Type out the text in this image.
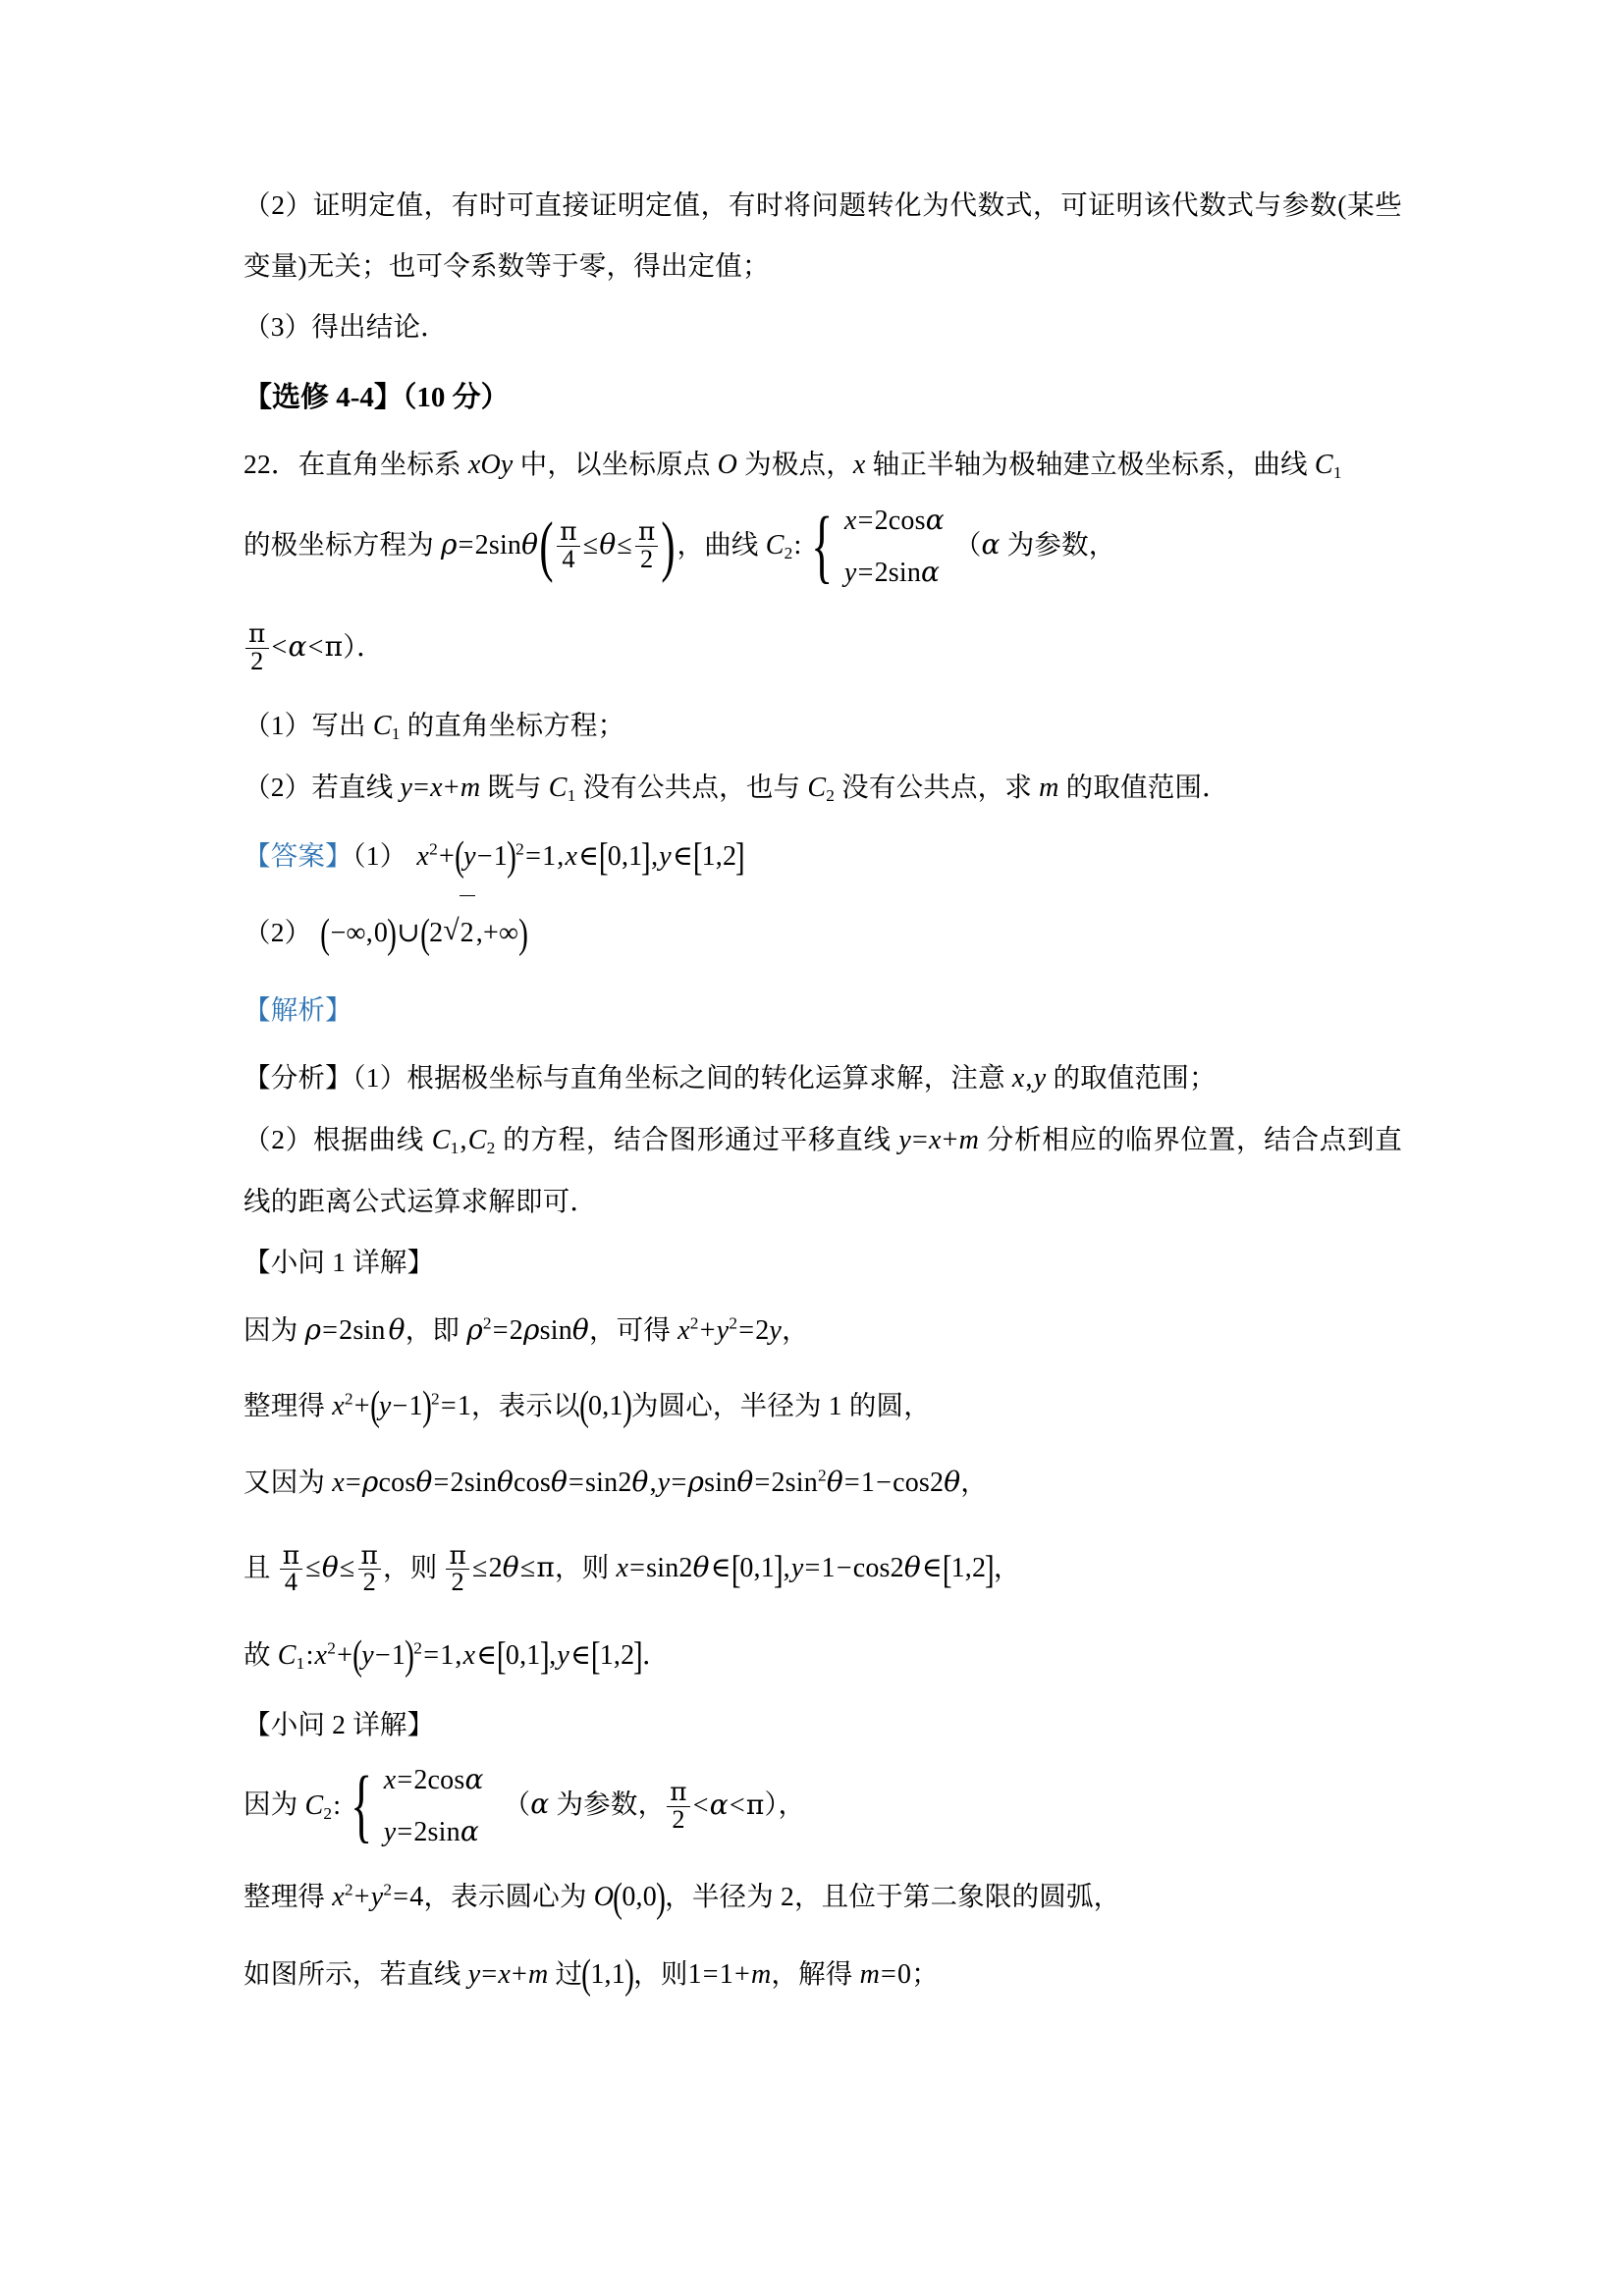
（2）证明定值，有时可直接证明定值，有时将问题转化为代数式，可证明该代数式与参数(某些变量)无关；也可令系数等于零，得出定值；

（3）得出结论．

【选修 4-4】（10 分）

22．在直角坐标系 xOy 中，以坐标原点 O 为极点，x 轴正半轴为极轴建立极坐标系，曲线 $C_1$

的极坐标方程为 $\rho=2\sin\theta( \frac{\pi}{4} \le\theta\le \frac{\pi}{2}$ )，曲线 $C_2$: { x=2cosα
y=2sinα
（α 为参数，

$\frac{\pi}{2} <\alpha<\pi$）．

（1）写出 $C_1$ 的直角坐标方程；

（2）若直线 y=x+m 既与 $C_1$ 没有公共点，也与 $C_2$ 没有公共点，求 m 的取值范围．

【答案】（1） $x^2+(y-1)^2=1,x\in[0,1],y\in[1,2]$

（2） (−∞,0)∪(2 √ 2,+∞)

【解析】

【分析】（1）根据极坐标与直角坐标之间的转化运算求解，注意 x,y 的取值范围；

（2）根据曲线 $C_1,C_2$ 的方程，结合图形通过平移直线 y=x+m 分析相应的临界位置，结合点到直线的距离公式运算求解即可．

【小问 1 详解】

因为 ρ=2sin θ，即 $\rho^2=2\rho\sin\theta$，可得 $x^2+y^2=2y$，

整理得 $x^2+(y-1)^2=1$，表示以(0,1)为圆心，半径为 1 的圆，

又因为 $x=\rho\cos\theta=2\sin\theta\cos\theta=\sin 2\theta,y=\rho\sin\theta=2\sin^2\theta=1-\cos 2\theta$，

且 $\frac{\pi}{4} \le\theta\le \frac{\pi}{2}$ ，则 $\frac{\pi}{2} \le 2\theta\le\pi$，则 x=sin2θ∈[0,1],y=1−cos2θ∈[1,2]，

故 $C_1:x^2+(y-1)^2=1,x\in[0,1],y\in[1,2]$．

【小问 2 详解】

因为 $C_2$: { x=2cosα
y=2sinα
（α 为参数， $\frac{\pi}{2} <\alpha<\pi$），

整理得 $x^2+y^2=4$，表示圆心为 O(0,0)，半径为 2，且位于第二象限的圆弧，

如图所示，若直线 y=x+m 过(1,1)，则1=1+m，解得 m=0；
